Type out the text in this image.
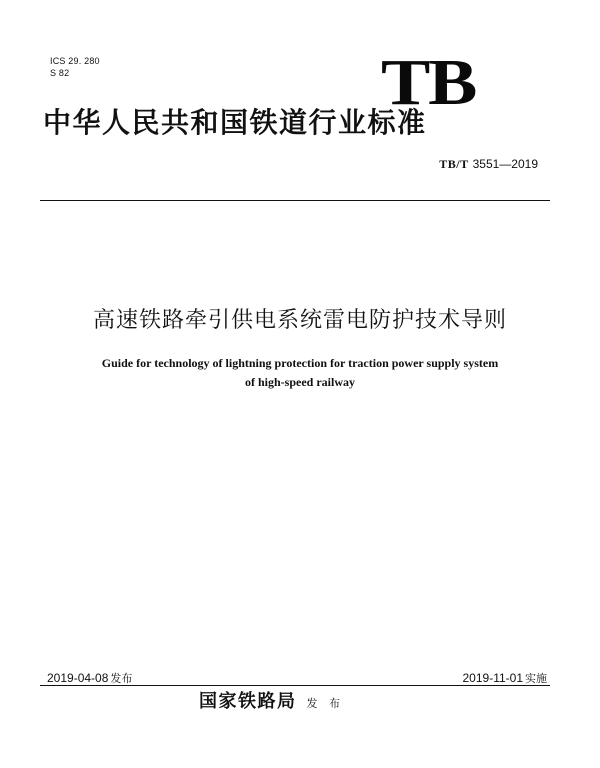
ICS 29. 280
S 82	TB
中华人民共和国铁道行业标准
TB/T 3551—2019
高速铁路牵引供电系统雷电防护技术导则
Guide for technology of lightning protection for traction power supply system
of high-speed railway
2019-04-08 发布	2019-11-01 实施
国家铁路局 发 布
